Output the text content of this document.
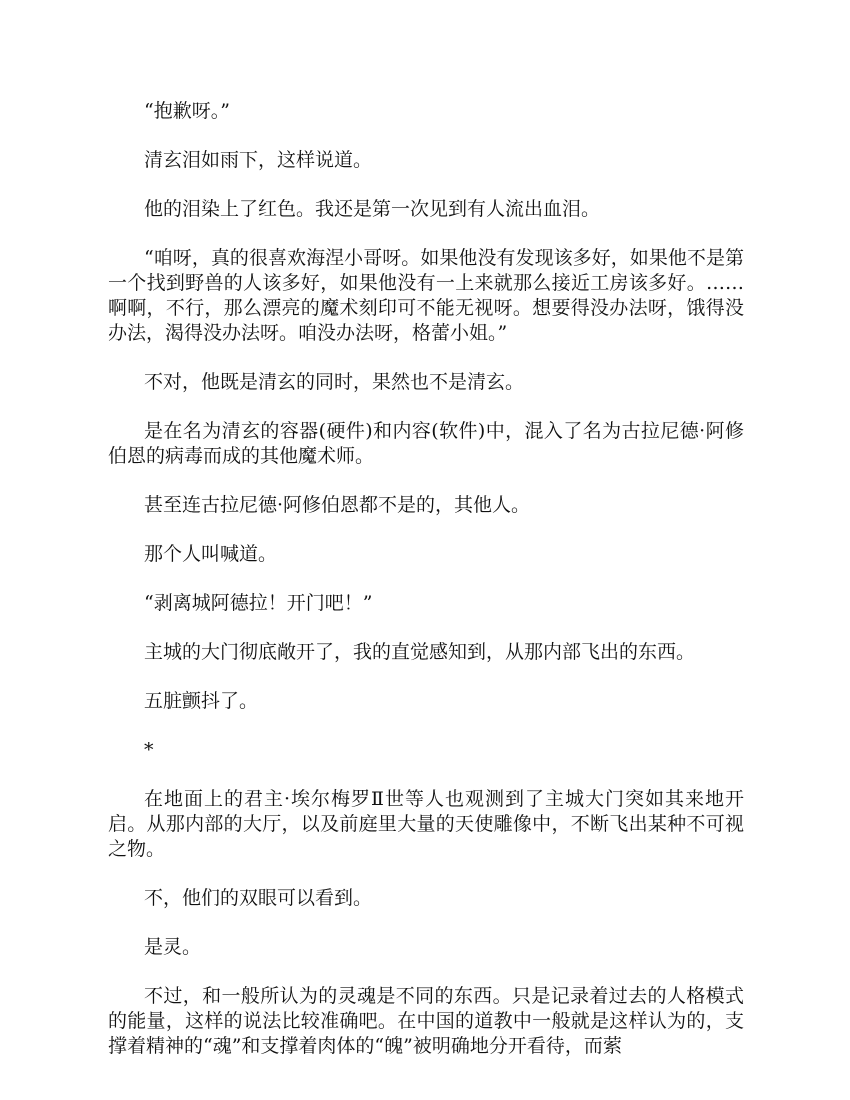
“抱歉呀。”

清玄泪如雨下，这样说道。

他的泪染上了红色。我还是第一次见到有人流出血泪。

“咱呀，真的很喜欢海涅小哥呀。如果他没有发现该多好，如果他不是第一个找到野兽的人该多好，如果他没有一上来就那么接近工房该多好。……啊啊，不行，那么漂亮的魔术刻印可不能无视呀。想要得没办法呀，饿得没办法，渴得没办法呀。咱没办法呀，格蕾小姐。”

不对，他既是清玄的同时，果然也不是清玄。

是在名为清玄的容器(硬件)和内容(软件)中，混入了名为古拉尼德·阿修伯恩的病毒而成的其他魔术师。

甚至连古拉尼德·阿修伯恩都不是的，其他人。

那个人叫喊道。

“剥离城阿德拉！开门吧！”

主城的大门彻底敞开了，我的直觉感知到，从那内部飞出的东西。

五脏颤抖了。

*

在地面上的君主·埃尔梅罗Ⅱ世等人也观测到了主城大门突如其来地开启。从那内部的大厅，以及前庭里大量的天使雕像中，不断飞出某种不可视之物。

不，他们的双眼可以看到。

是灵。

不过，和一般所认为的灵魂是不同的东西。只是记录着过去的人格模式的能量，这样的说法比较准确吧。在中国的道教中一般就是这样认为的，支撑着精神的“魂”和支撑着肉体的“魄”被明确地分开看待，而萦
